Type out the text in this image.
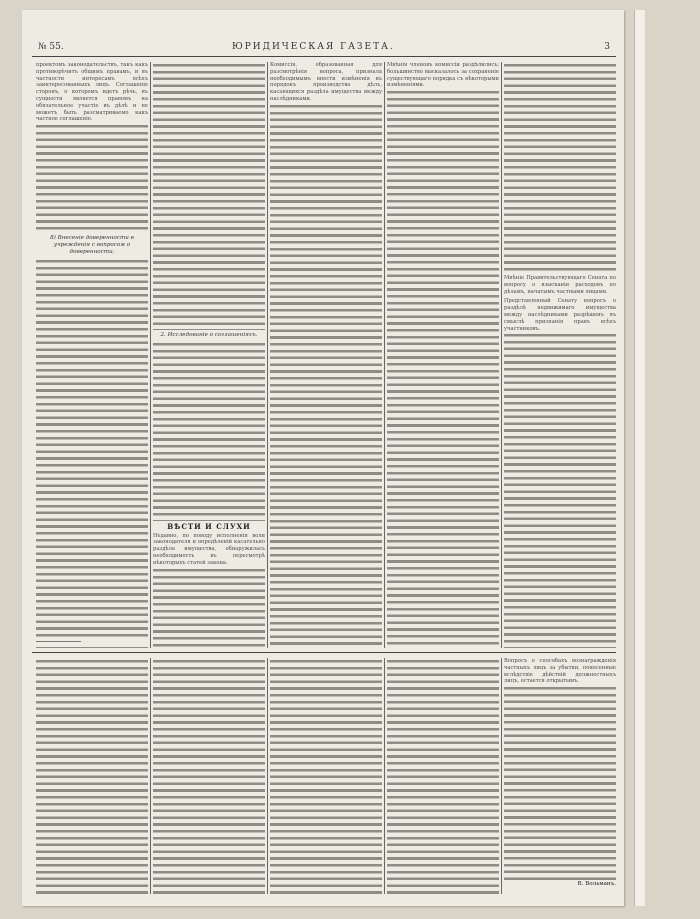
№ 55.	ЮРИДИЧЕСКАЯ ГАЗЕТА.	3

проектомъ законодательствъ, такъ какъ противорѣчитъ общимъ правамъ, и въ частности интересамъ всѣхъ заинтересованныхъ лицъ. Соглашеніе сторонъ, о которомъ идетъ рѣчь, въ сущности является правомъ на обязательное участіе въ дѣлѣ и не можетъ быть разсматриваемо какъ частное соглашеніе.

8) Внесеніе доверенности в учрежденія с вопросом о доверенности.
2. Исследованіе о соглашеніяхъ.
ВѢСТИ И СЛУХИ

Недавно, по поводу исполненія воли законодателя и опредѣленій касательно раздѣла имущества, обнаружилась необходимость въ пересмотрѣ нѣкоторыхъ статей закона.

Комиссія, образованная для разсмотрѣнія вопроса, признала необходимымъ внести измѣненія въ порядокъ производства дѣлъ, касающихся раздѣла имущества между наслѣдниками.

Мнѣнія членовъ комиссіи раздѣлились; большинство высказалось за сохраненіе существующаго порядка съ нѣкоторыми измѣненіями.

Мнѣніе Правительствующаго Сената по вопросу о взысканіи расходовъ по дѣламъ, начатымъ частными лицами.

Представленный Сенату вопросъ о раздѣлѣ недвижимаго имущества между наслѣдниками разрѣшенъ въ смыслѣ признанія правъ всѣхъ участниковъ.

Вопросъ о способахъ вознагражденія частныхъ лицъ за убытки, понесенные вслѣдствіе дѣйствій должностныхъ лицъ, остается открытымъ.

В. Вольманъ.
